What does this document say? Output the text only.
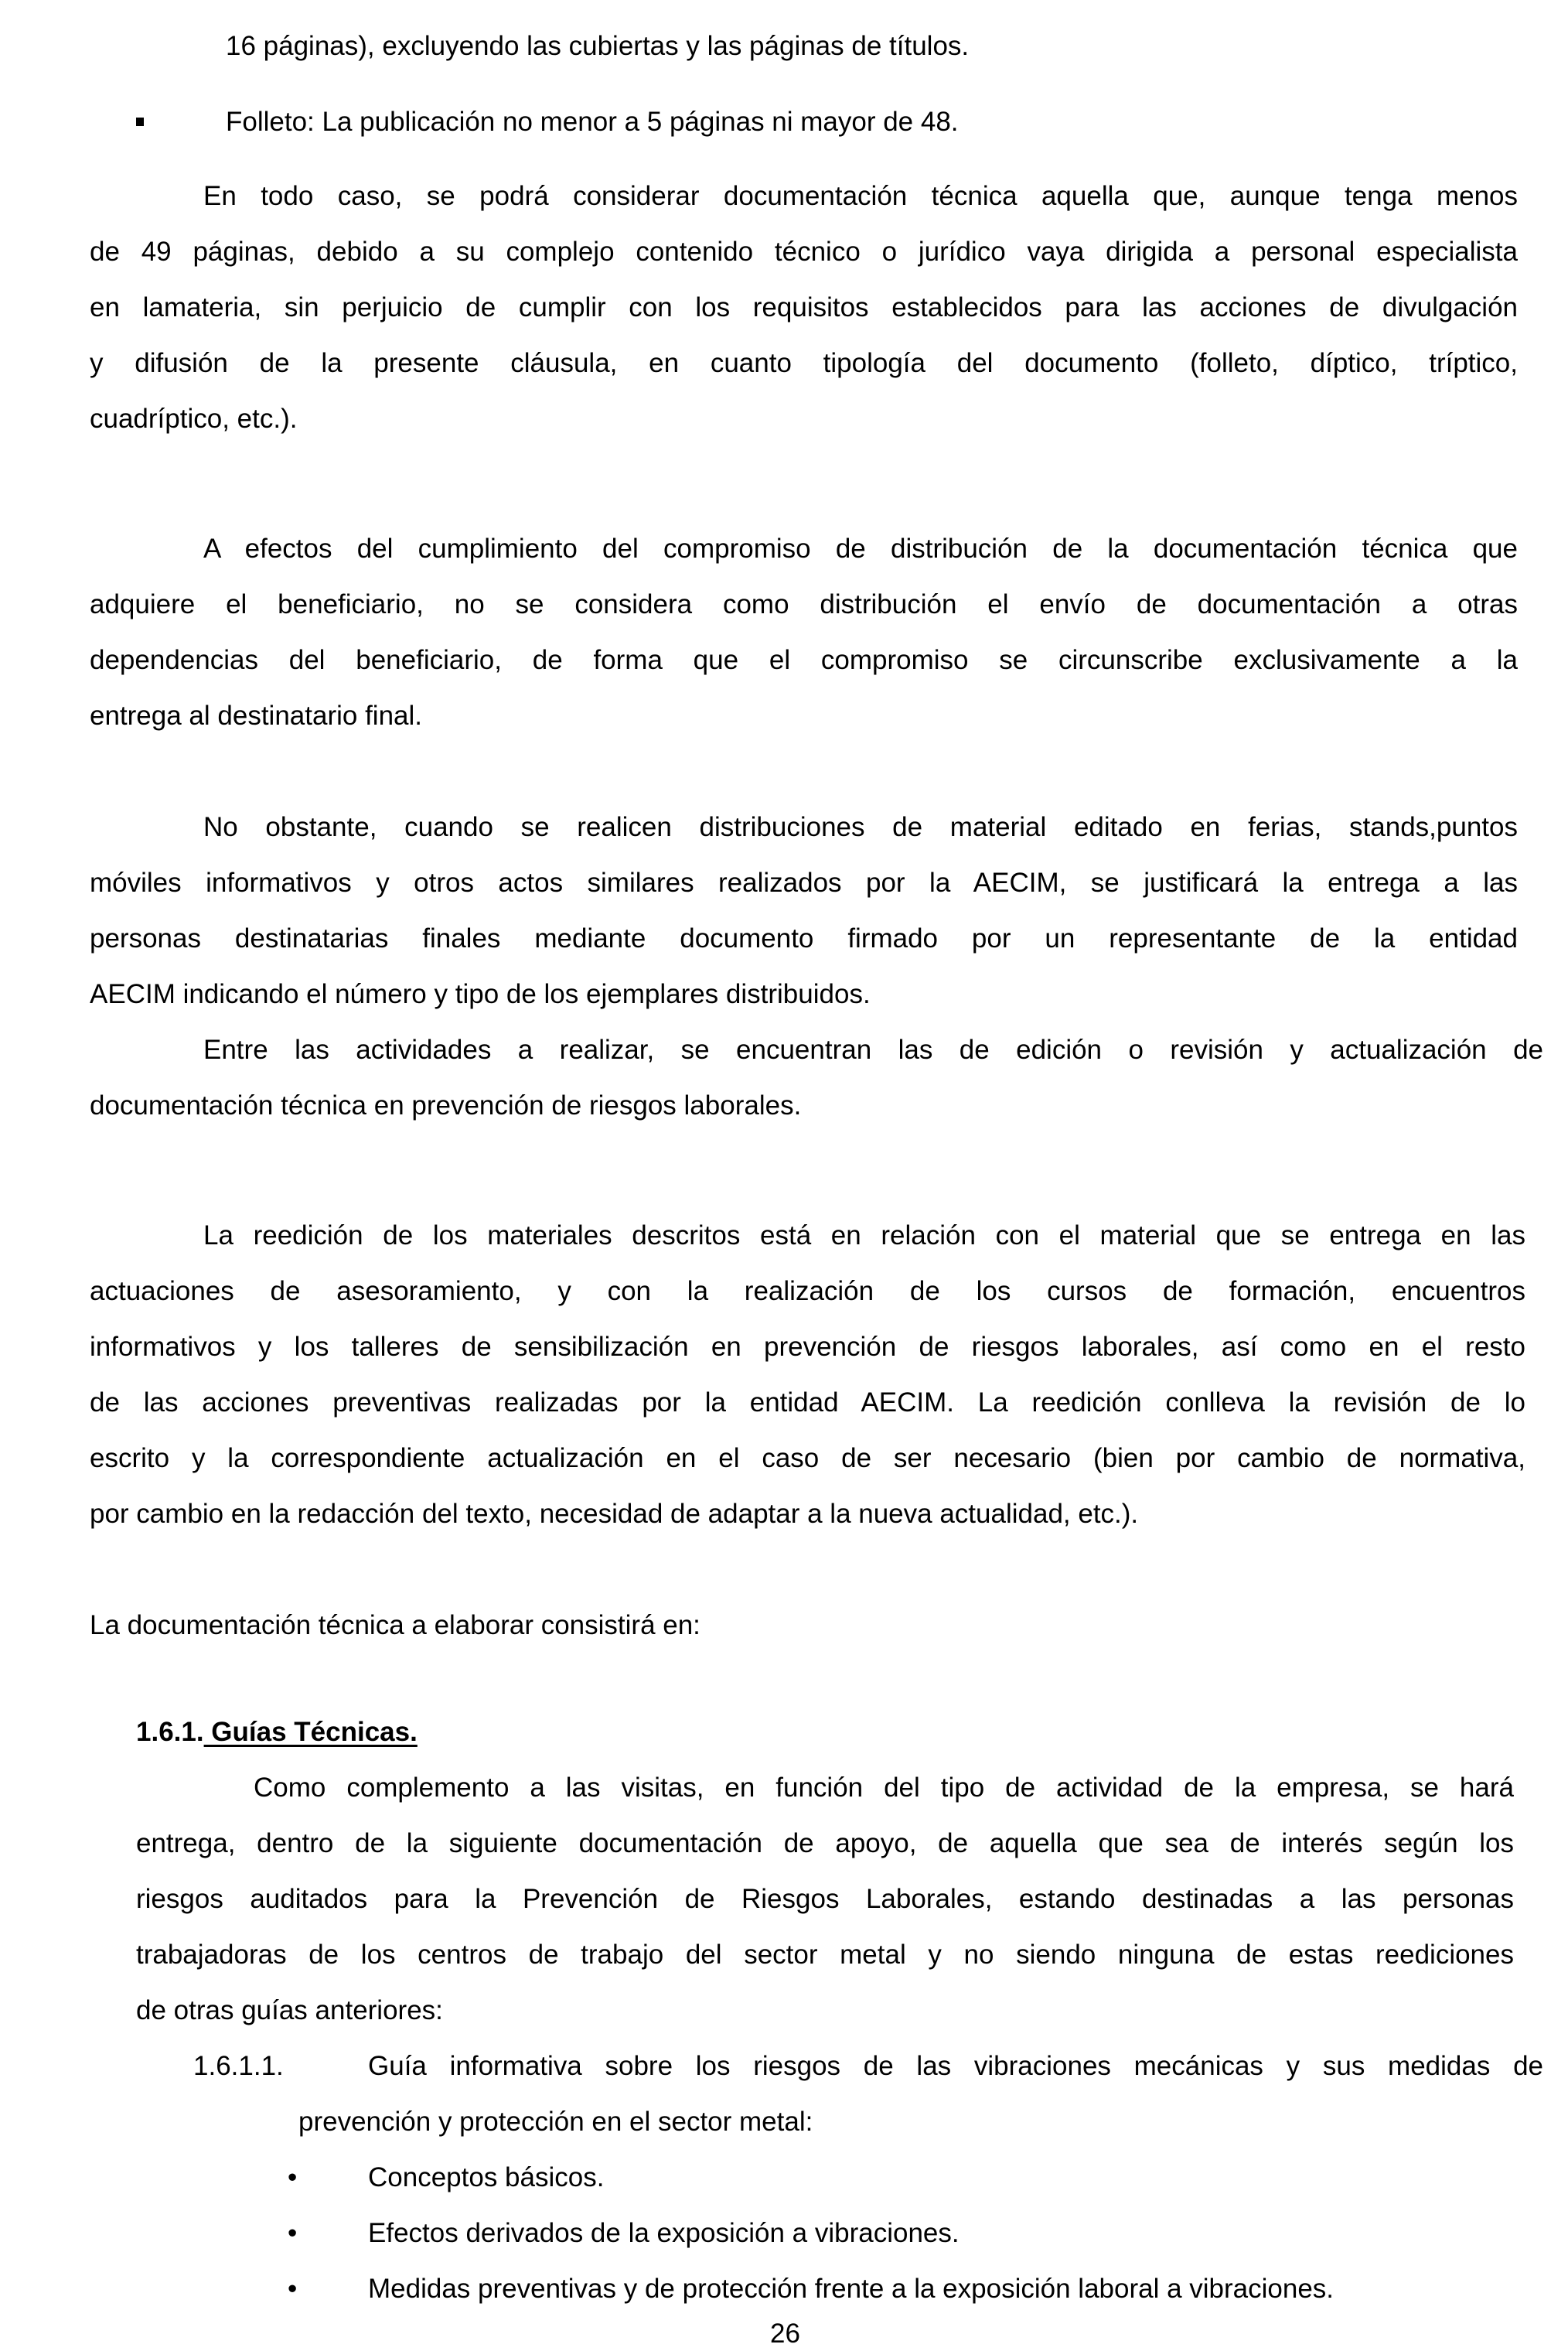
16 páginas), excluyendo las cubiertas y las páginas de títulos.
Folleto: La publicación no menor a 5 páginas ni mayor de 48.
En todo caso, se podrá considerar documentación técnica aquella que, aunque tenga menos
de 49 páginas, debido a su complejo contenido técnico o jurídico vaya dirigida a personal especialista
en lamateria, sin perjuicio de cumplir con los requisitos establecidos para las acciones de divulgación
y difusión de la presente cláusula, en cuanto tipología del documento (folleto, díptico, tríptico,
cuadríptico, etc.).
A efectos del cumplimiento del compromiso de distribución de la documentación técnica que
adquiere el beneficiario, no se considera como distribución el envío de documentación a otras
dependencias del beneficiario, de forma que el compromiso se circunscribe exclusivamente a la
entrega al destinatario final.
No obstante, cuando se realicen distribuciones de material editado en ferias, stands,puntos
móviles informativos y otros actos similares realizados por la AECIM, se justificará la entrega a las
personas destinatarias finales mediante documento firmado por un representante de la entidad
AECIM indicando el número y tipo de los ejemplares distribuidos.
Entre las actividades a realizar, se encuentran las de edición o revisión y actualización de
documentación técnica en prevención de riesgos laborales.
La reedición de los materiales descritos está en relación con el material que se entrega en las
actuaciones de asesoramiento, y con la realización de los cursos de formación, encuentros
informativos y los talleres de sensibilización en prevención de riesgos laborales, así como en el resto
de las acciones preventivas realizadas por la entidad AECIM. La reedición conlleva la revisión de lo
escrito y la correspondiente actualización en el caso de ser necesario (bien por cambio de normativa,
por cambio en la redacción del texto, necesidad de adaptar a la nueva actualidad, etc.).
La documentación técnica a elaborar consistirá en:
1.6.1. Guías Técnicas.
Como complemento a las visitas, en función del tipo de actividad de la empresa, se hará
entrega, dentro de la siguiente documentación de apoyo, de aquella que sea de interés según los
riesgos auditados para la Prevención de Riesgos Laborales, estando destinadas a las personas
trabajadoras de los centros de trabajo del sector metal y no siendo ninguna de estas reediciones
de otras guías anteriores:
1.6.1.1.	Guía informativa sobre los riesgos de las vibraciones mecánicas y sus medidas de
prevención y protección en el sector metal:
•	Conceptos básicos.
•	Efectos derivados de la exposición a vibraciones.
•	Medidas preventivas y de protección frente a la exposición laboral a vibraciones.
26
